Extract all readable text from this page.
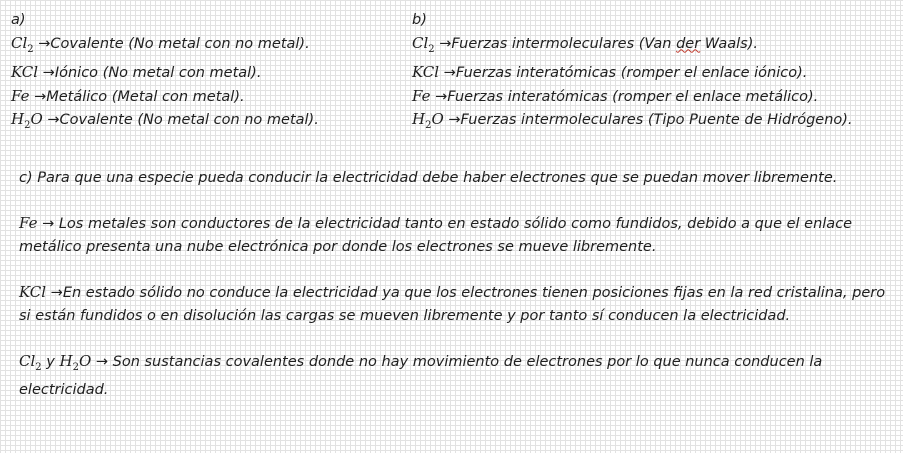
a)
$Cl_2$ →Covalente (No metal con no metal).
KCl →Iónico (No metal con metal).
Fe →Metálico (Metal con metal).
$H_2O$ →Covalente (No metal con no metal).
b)
$Cl_2$ →Fuerzas intermoleculares (Van der Waals).
KCl →Fuerzas interatómicas (romper el enlace iónico).
Fe →Fuerzas interatómicas (romper el enlace metálico).
$H_2O$ →Fuerzas intermoleculares (Tipo Puente de Hidrógeno).

c) Para que una especie pueda conducir la electricidad debe haber electrones que se puedan mover libremente.

Fe → Los metales son conductores de la electricidad tanto en estado sólido como fundidos, debido a que el enlace metálico presenta una nube electrónica por donde los electrones se mueve libremente.

KCl →En estado sólido no conduce la electricidad ya que los electrones tienen posiciones fijas en la red cristalina, pero si están fundidos o en disolución las cargas se mueven libremente y por tanto sí conducen la electricidad.

$Cl_2$ y $H_2O$ → Son sustancias covalentes donde no hay movimiento de electrones por lo que nunca conducen la electricidad.
